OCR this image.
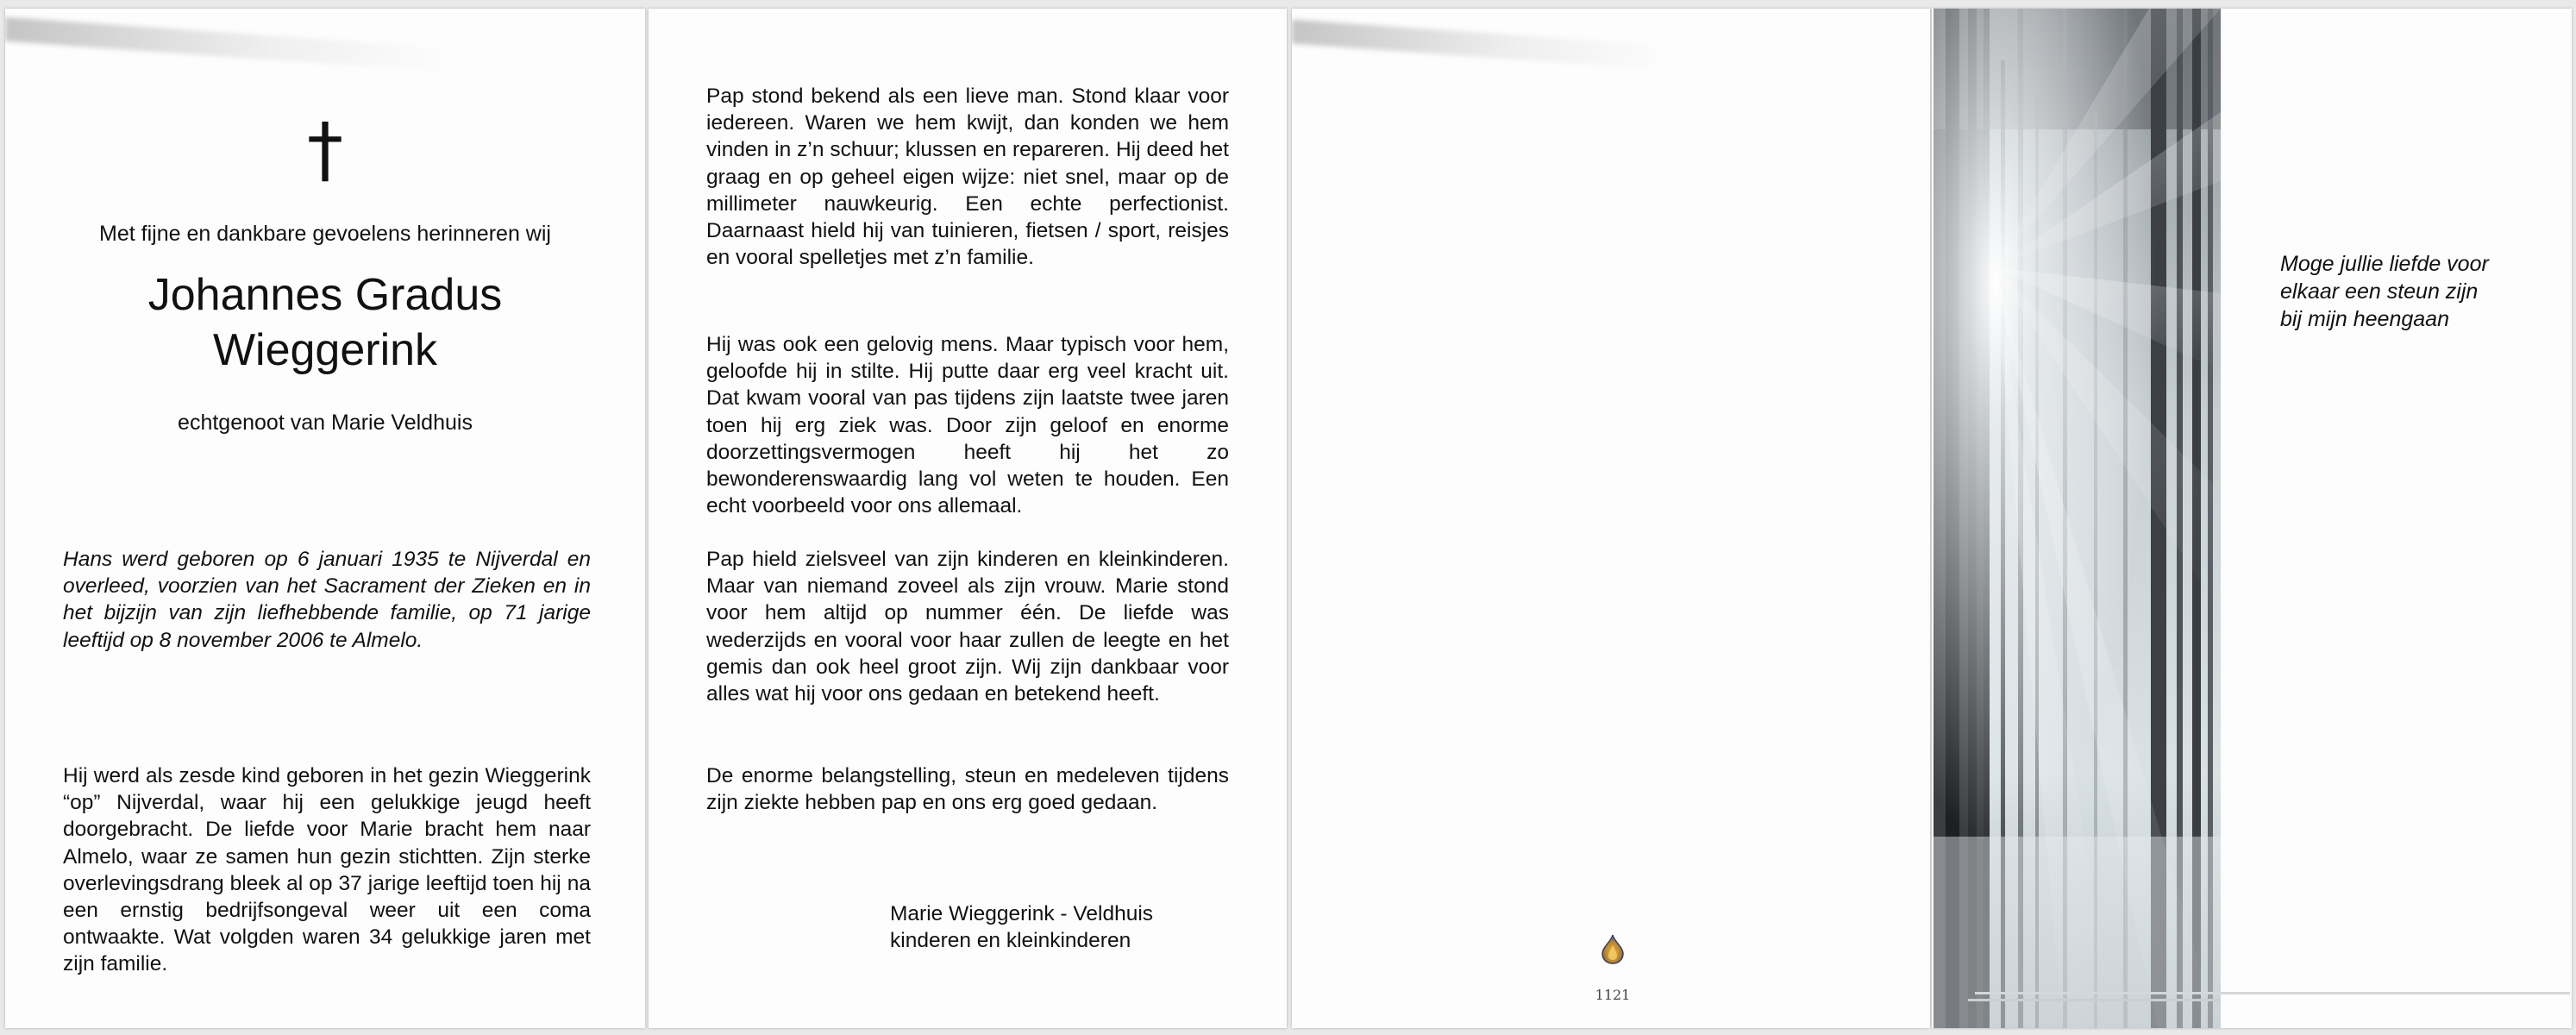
†
Met fijne en dankbare gevoelens herinneren wij
Johannes Gradus
Wieggerink
echtgenoot van Marie Veldhuis

Hans werd geboren op 6 januari 1935 te Nijverdal en overleed, voorzien van het Sacrament der Zieken en in het bijzijn van zijn liefhebbende familie, op 71 jarige leeftijd op 8 november 2006 te Almelo.

Hij werd als zesde kind geboren in het gezin Wieggerink “op” Nijverdal, waar hij een gelukkige jeugd heeft doorgebracht. De liefde voor Marie bracht hem naar Almelo, waar ze samen hun gezin stichtten. Zijn sterke overlevingsdrang bleek al op 37 jarige leeftijd toen hij na een ernstig bedrijfsongeval weer uit een coma ontwaakte. Wat volgden waren 34 gelukkige jaren met zijn familie.

Pap stond bekend als een lieve man. Stond klaar voor iedereen. Waren we hem kwijt, dan konden we hem vinden in z’n schuur; klussen en repareren. Hij deed het graag en op geheel eigen wijze: niet snel, maar op de millimeter nauwkeurig. Een echte perfectionist. Daarnaast hield hij van tuinieren, fietsen / sport, reisjes en vooral spelletjes met z’n familie.

Hij was ook een gelovig mens. Maar typisch voor hem, geloofde hij in stilte. Hij putte daar erg veel kracht uit. Dat kwam vooral van pas tijdens zijn laatste twee jaren toen hij erg ziek was. Door zijn geloof en enorme doorzettingsvermogen heeft hij het zo bewonderenswaardig lang vol weten te houden. Een echt voorbeeld voor ons allemaal.

Pap hield zielsveel van zijn kinderen en kleinkinderen. Maar van niemand zoveel als zijn vrouw. Marie stond voor hem altijd op nummer één. De liefde was wederzijds en vooral voor haar zullen de leegte en het gemis dan ook heel groot zijn. Wij zijn dankbaar voor alles wat hij voor ons gedaan en betekend heeft.

De enorme belangstelling, steun en medeleven tijdens zijn ziekte hebben pap en ons erg goed gedaan.

Marie Wieggerink - Veldhuis
kinderen en kleinkinderen
1121
Moge jullie liefde voor
elkaar een steun zijn
bij mijn heengaan
